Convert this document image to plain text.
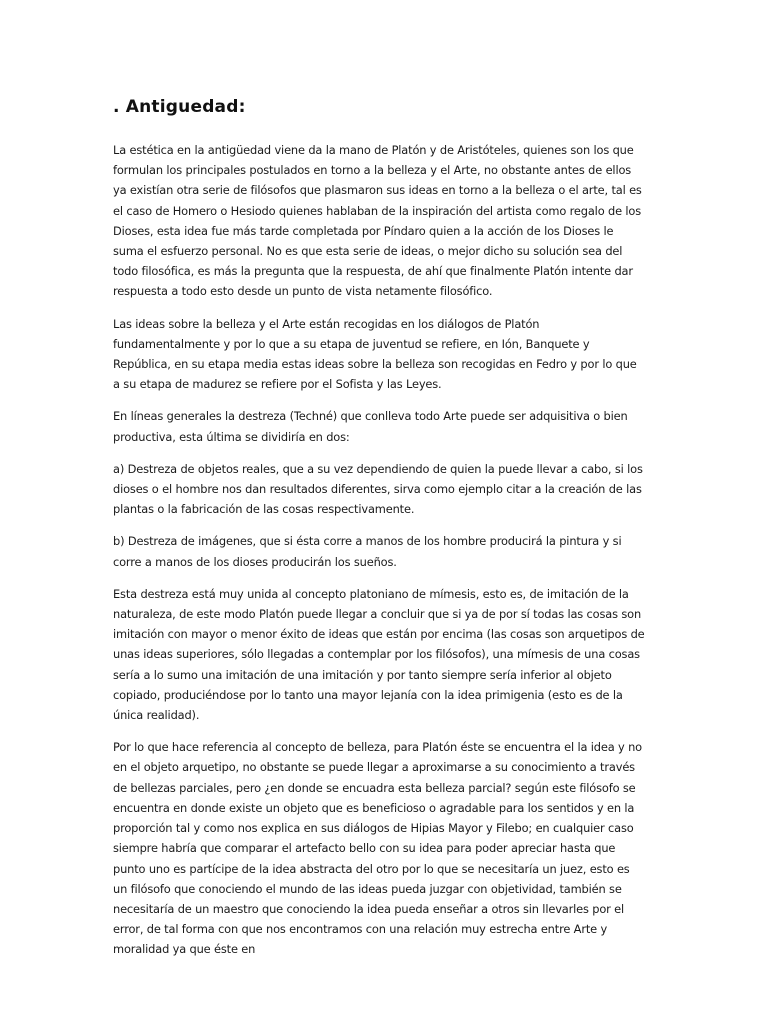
. Antiguedad:

La estética en la antigüedad viene da la mano de Platón y de Aristóteles, quienes son los que formulan los principales postulados en torno a la belleza y el Arte, no obstante antes de ellos ya existían otra serie de filósofos que plasmaron sus ideas en torno a la belleza o el arte, tal es el caso de Homero o Hesiodo quienes hablaban de la inspiración del artista como regalo de los Dioses, esta idea fue más tarde completada por Píndaro quien a la acción de los Dioses le suma el esfuerzo personal. No es que esta serie de ideas, o mejor dicho su solución sea del todo filosófica, es más la pregunta que la respuesta, de ahí que finalmente Platón intente dar respuesta a todo esto desde un punto de vista netamente filosófico.

Las ideas sobre la belleza y el Arte están recogidas en los diálogos de Platón fundamentalmente y por lo que a su etapa de juventud se refiere, en Ión, Banquete y República, en su etapa media estas ideas sobre la belleza son recogidas en Fedro y por lo que a su etapa de madurez se refiere por el Sofista y las Leyes.

En líneas generales la destreza (Techné) que conlleva todo Arte puede ser adquisitiva o bien productiva, esta última se dividiría en dos:

a) Destreza de objetos reales, que a su vez dependiendo de quien la puede llevar a cabo, si los dioses o el hombre nos dan resultados diferentes, sirva como ejemplo citar a la creación de las plantas o la fabricación de las cosas respectivamente.

b) Destreza de imágenes, que si ésta corre a manos de los hombre producirá la pintura y si corre a manos de los dioses producirán los sueños.

Esta destreza está muy unida al concepto platoniano de mímesis, esto es, de imitación de la naturaleza, de este modo Platón puede llegar a concluir que si ya de por sí todas las cosas son imitación con mayor o menor éxito de ideas que están por encima (las cosas son arquetipos de unas ideas superiores, sólo llegadas a contemplar por los filósofos), una mímesis de una cosas sería a lo sumo una imitación de una imitación y por tanto siempre sería inferior al objeto copiado, produciéndose por lo tanto una mayor lejanía con la idea primigenia (esto es de la única realidad).

Por lo que hace referencia al concepto de belleza, para Platón éste se encuentra el la idea y no en el objeto arquetipo, no obstante se puede llegar a aproximarse a su conocimiento a través de bellezas parciales, pero ¿en donde se encuadra esta belleza parcial? según este filósofo se encuentra en donde existe un objeto que es beneficioso o agradable para los sentidos y en la proporción tal y como nos explica en sus diálogos de Hipias Mayor y Filebo; en cualquier caso siempre habría que comparar el artefacto bello con su idea para poder apreciar hasta que punto uno es partícipe de la idea abstracta del otro por lo que se necesitaría un juez, esto es un filósofo que conociendo el mundo de las ideas pueda juzgar con objetividad, también se necesitaría de un maestro que conociendo la idea pueda enseñar a otros sin llevarles por el error, de tal forma con que nos encontramos con una relación muy estrecha entre Arte y moralidad ya que éste en
